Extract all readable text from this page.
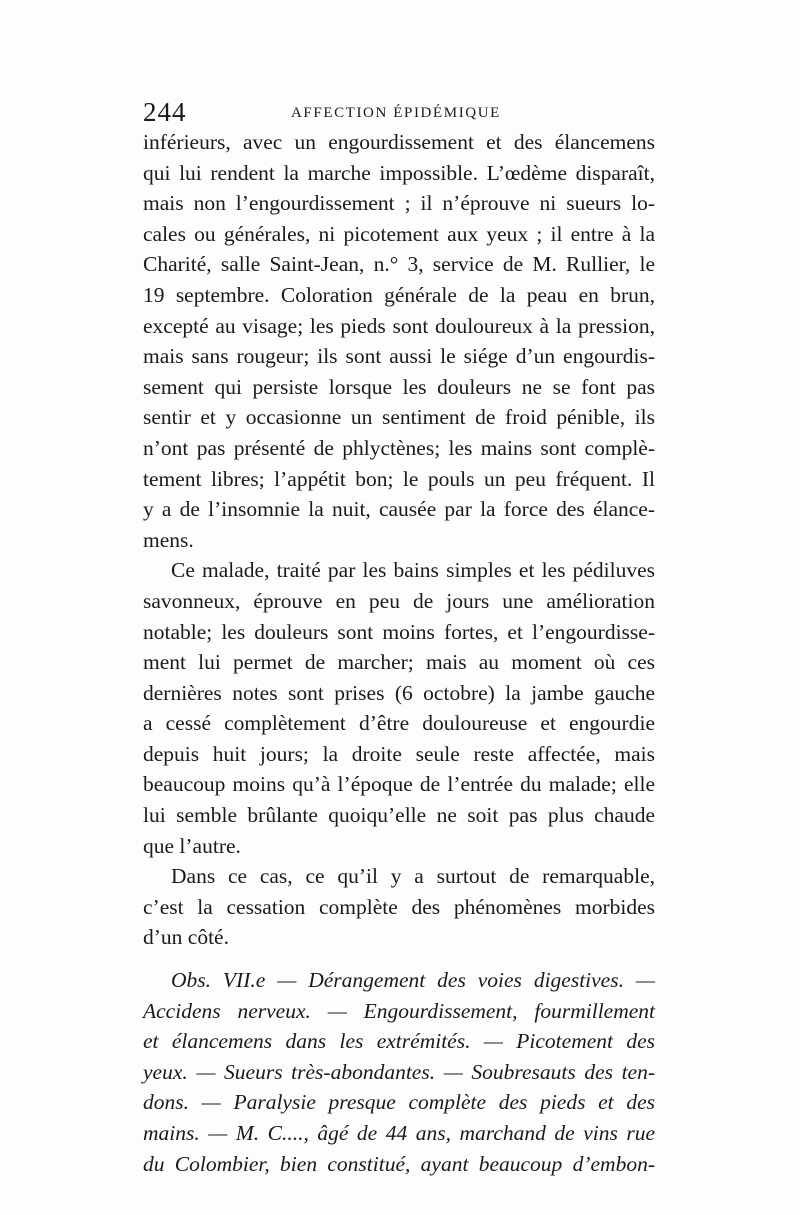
244	AFFECTION ÉPIDÉMIQUE
inférieurs, avec un engourdissement et des élancemens
qui lui rendent la marche impossible. L’œdème disparaît,
mais non l’engourdissement ; il n’éprouve ni sueurs lo-
cales ou générales, ni picotement aux yeux ; il entre à la
Charité, salle Saint-Jean, n.° 3, service de M. Rullier, le
19 septembre. Coloration générale de la peau en brun,
excepté au visage; les pieds sont douloureux à la pression,
mais sans rougeur; ils sont aussi le siége d’un engourdis-
sement qui persiste lorsque les douleurs ne se font pas
sentir et y occasionne un sentiment de froid pénible, ils
n’ont pas présenté de phlyctènes; les mains sont complè-
tement libres; l’appétit bon; le pouls un peu fréquent. Il
y a de l’insomnie la nuit, causée par la force des élance-
mens.
Ce malade, traité par les bains simples et les pédiluves
savonneux, éprouve en peu de jours une amélioration
notable; les douleurs sont moins fortes, et l’engourdisse-
ment lui permet de marcher; mais au moment où ces
dernières notes sont prises (6 octobre) la jambe gauche
a cessé complètement d’être douloureuse et engourdie
depuis huit jours; la droite seule reste affectée, mais
beaucoup moins qu’à l’époque de l’entrée du malade; elle
lui semble brûlante quoiqu’elle ne soit pas plus chaude
que l’autre.
Dans ce cas, ce qu’il y a surtout de remarquable,
c’est la cessation complète des phénomènes morbides
d’un côté.
Obs. VII.e — Dérangement des voies digestives. —
Accidens nerveux. — Engourdissement, fourmillement
et élancemens dans les extrémités. — Picotement des
yeux. — Sueurs très-abondantes. — Soubresauts des ten-
dons. — Paralysie presque complète des pieds et des
mains. — M. C...., âgé de 44 ans, marchand de vins rue
du Colombier, bien constitué, ayant beaucoup d’embon-
